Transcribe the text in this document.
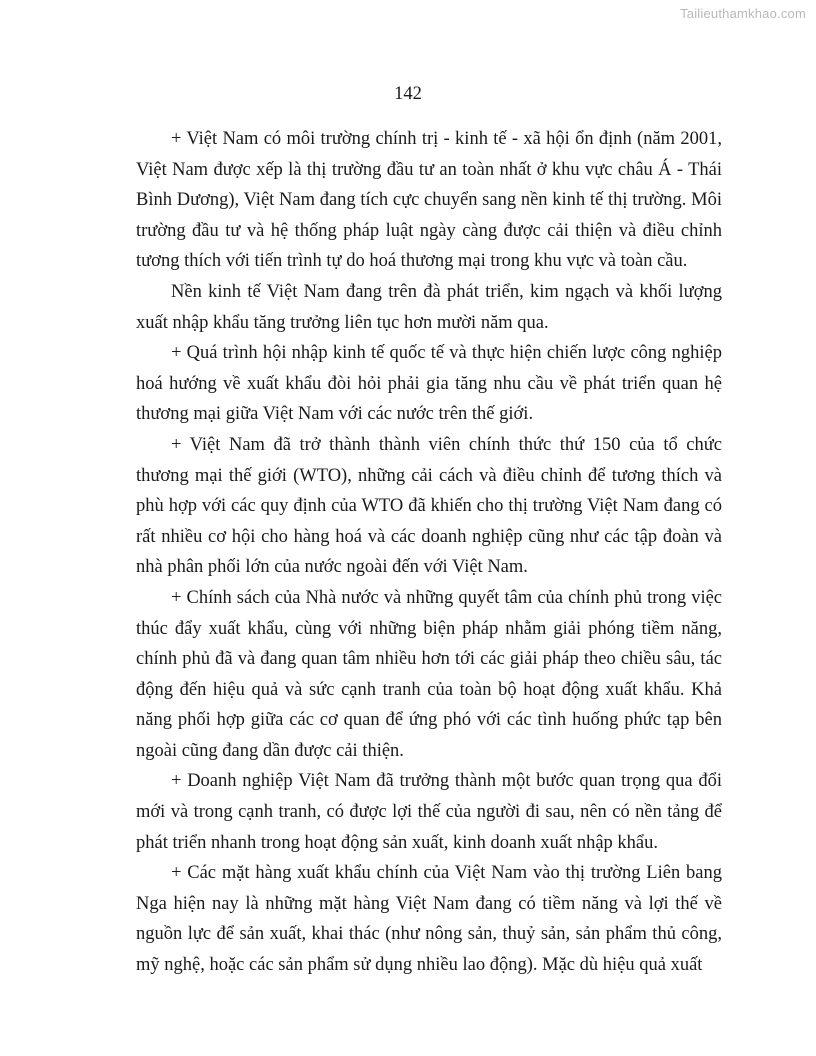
Tailieuthamkhao.com
142

+ Việt Nam có môi trường chính trị - kinh tế - xã hội ổn định (năm 2001, Việt Nam được xếp là thị trường đầu tư an toàn nhất ở khu vực châu Á - Thái Bình Dương), Việt Nam đang tích cực chuyển sang nền kinh tế thị trường. Môi trường đầu tư và hệ thống pháp luật ngày càng được cải thiện và điều chỉnh tương thích với tiến trình tự do hoá thương mại trong khu vực và toàn cầu.

Nền kinh tế Việt Nam đang trên đà phát triển, kim ngạch và khối lượng xuất nhập khẩu tăng trưởng liên tục hơn mười năm qua.

+ Quá trình hội nhập kinh tế quốc tế và thực hiện chiến lược công nghiệp hoá hướng về xuất khẩu đòi hỏi phải gia tăng nhu cầu về phát triển quan hệ thương mại giữa Việt Nam với các nước trên thế giới.

+ Việt Nam đã trở thành thành viên chính thức thứ 150 của tổ chức thương mại thế giới (WTO), những cải cách và điều chỉnh để tương thích và phù hợp với các quy định của WTO đã khiến cho thị trường Việt Nam đang có rất nhiều cơ hội cho hàng hoá và các doanh nghiệp cũng như các tập đoàn và nhà phân phối lớn của nước ngoài đến với Việt Nam.

+ Chính sách của Nhà nước và những quyết tâm của chính phủ trong việc thúc đẩy xuất khẩu, cùng với những biện pháp nhằm giải phóng tiềm năng, chính phủ đã và đang quan tâm nhiều hơn tới các giải pháp theo chiều sâu, tác động đến hiệu quả và sức cạnh tranh của toàn bộ hoạt động xuất khẩu. Khả năng phối hợp giữa các cơ quan để ứng phó với các tình huống phức tạp bên ngoài cũng đang dần được cải thiện.

+ Doanh nghiệp Việt Nam đã trưởng thành một bước quan trọng qua đổi mới và trong cạnh tranh, có được lợi thế của người đi sau, nên có nền tảng để phát triển nhanh trong hoạt động sản xuất, kinh doanh xuất nhập khẩu.

+ Các mặt hàng xuất khẩu chính của Việt Nam vào thị trường Liên bang Nga hiện nay là những mặt hàng Việt Nam đang có tiềm năng và lợi thế về nguồn lực để sản xuất, khai thác (như nông sản, thuỷ sản, sản phẩm thủ công, mỹ nghệ, hoặc các sản phẩm sử dụng nhiều lao động). Mặc dù hiệu quả xuất
